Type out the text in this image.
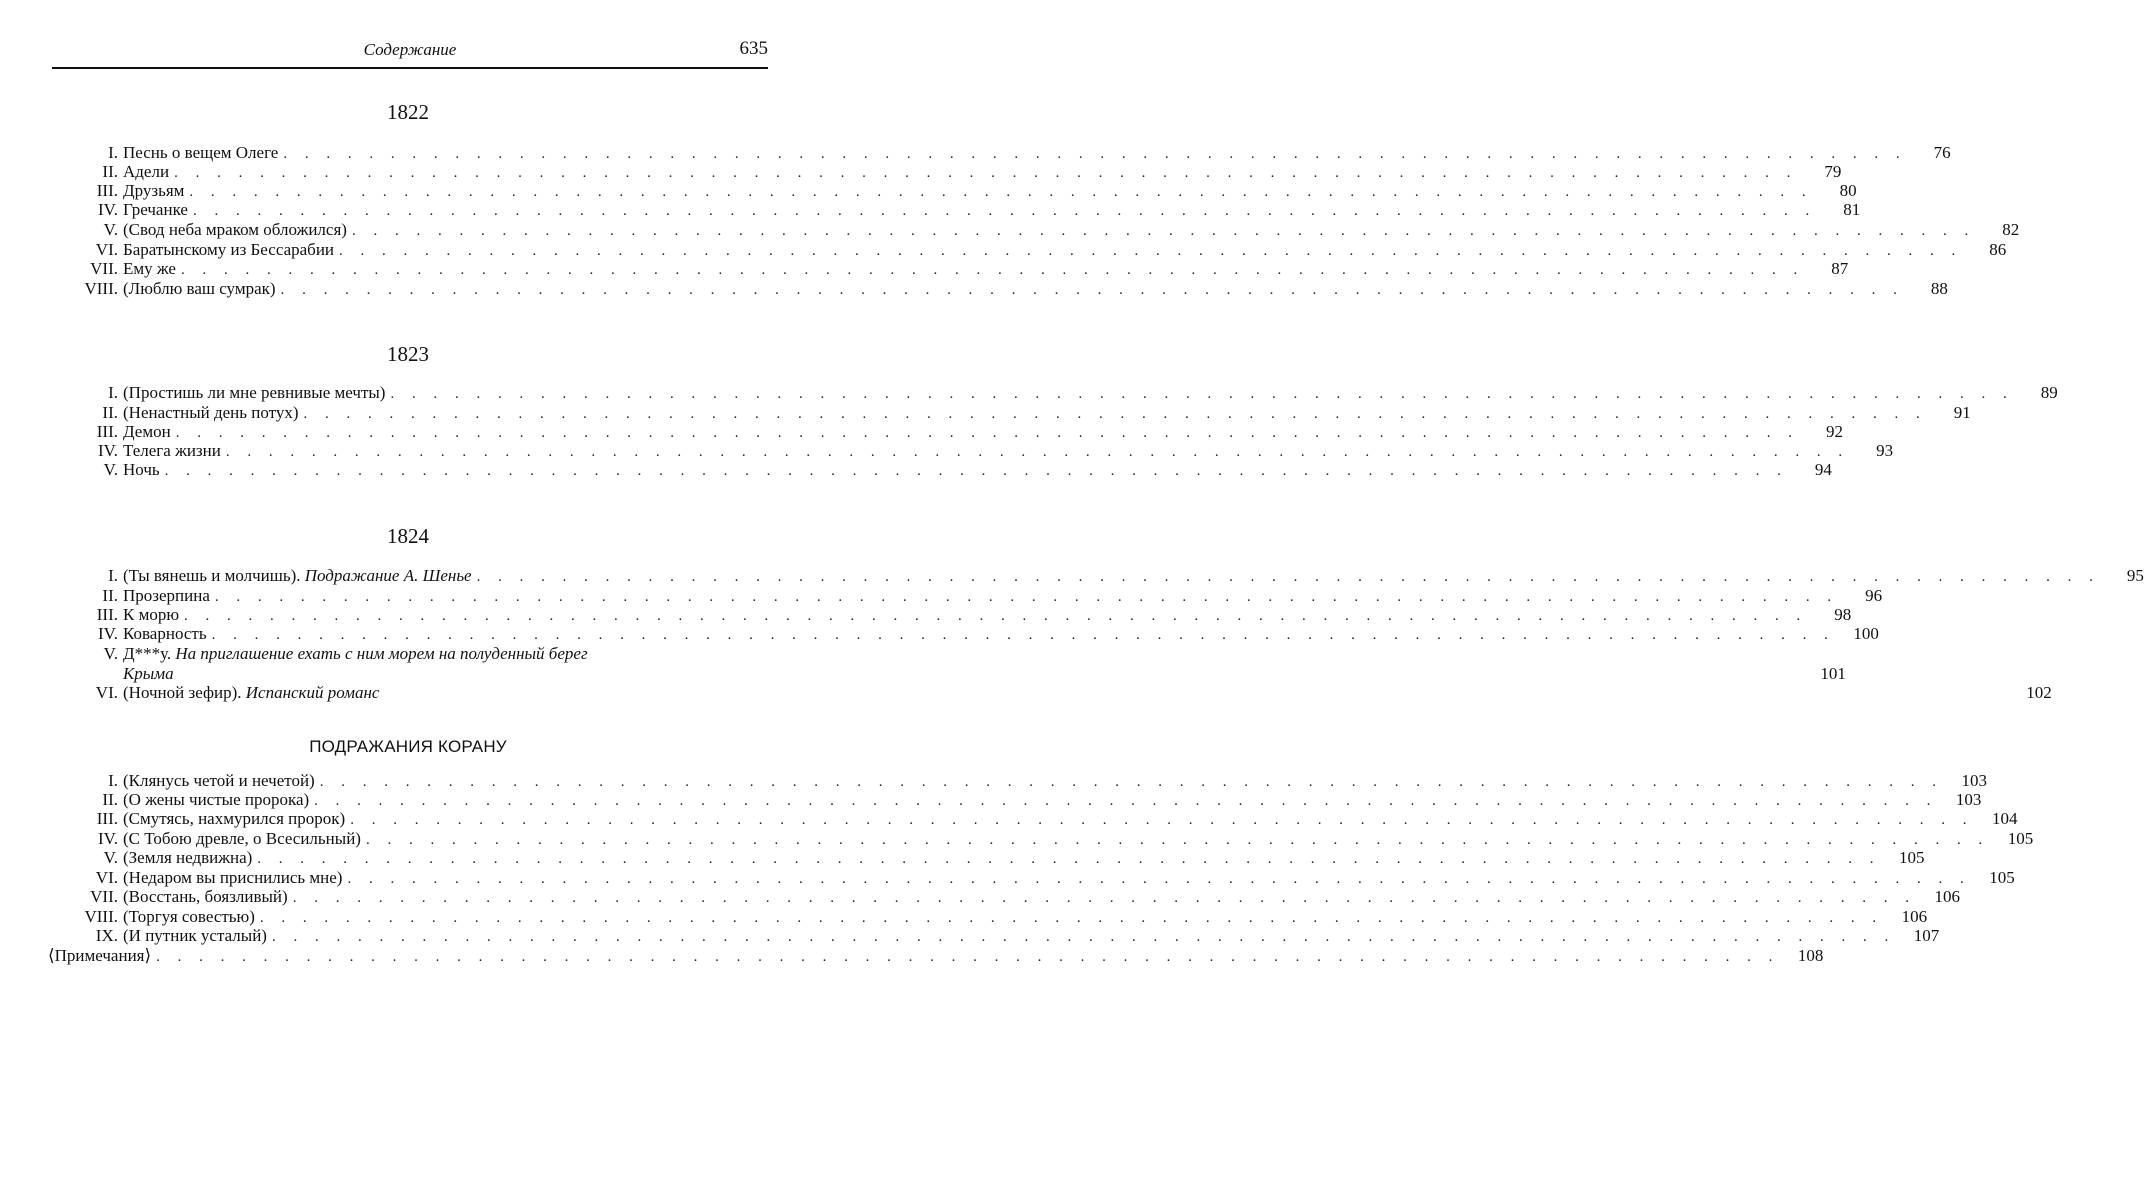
Содержание	635
1822
I. Песнь о вещем Олеге . . . . . . . . . . . . . . . . . . . . . . . . . . . . . . . . . . . . . . . . . . . . . . . . . . . . . . . . . . . . . . . . . . . . . . . . . . . .	76
II. Адели . . . . . . . . . . . . . . . . . . . . . . . . . . . . . . . . . . . . . . . . . . . . . . . . . . . . . . . . . . . . . . . . . . . . . . . . . . . .	79
III. Друзьям . . . . . . . . . . . . . . . . . . . . . . . . . . . . . . . . . . . . . . . . . . . . . . . . . . . . . . . . . . . . . . . . . . . . . . . . . . . .	80
IV. Гречанке . . . . . . . . . . . . . . . . . . . . . . . . . . . . . . . . . . . . . . . . . . . . . . . . . . . . . . . . . . . . . . . . . . . . . . . . . . . .	81
V. (Свод неба мраком обложился) . . . . . . . . . . . . . . . . . . . . . . . . . . . . . . . . . . . . . . . . . . . . . . . . . . . . . . . . . . . . . . . . . . . . . . . . . . . .	82
VI. Баратынскому из Бессарабии . . . . . . . . . . . . . . . . . . . . . . . . . . . . . . . . . . . . . . . . . . . . . . . . . . . . . . . . . . . . . . . . . . . . . . . . . . . .	86
VII. Ему же . . . . . . . . . . . . . . . . . . . . . . . . . . . . . . . . . . . . . . . . . . . . . . . . . . . . . . . . . . . . . . . . . . . . . . . . . . . .	87
VIII. (Люблю ваш сумрак) . . . . . . . . . . . . . . . . . . . . . . . . . . . . . . . . . . . . . . . . . . . . . . . . . . . . . . . . . . . . . . . . . . . . . . . . . . . .	88
1823
I. (Простишь ли мне ревнивые мечты) . . . . . . . . . . . . . . . . . . . . . . . . . . . . . . . . . . . . . . . . . . . . . . . . . . . . . . . . . . . . . . . . . . . . . . . . . . . .	89
II. (Ненастный день потух) . . . . . . . . . . . . . . . . . . . . . . . . . . . . . . . . . . . . . . . . . . . . . . . . . . . . . . . . . . . . . . . . . . . . . . . . . . . .	91
III. Демон . . . . . . . . . . . . . . . . . . . . . . . . . . . . . . . . . . . . . . . . . . . . . . . . . . . . . . . . . . . . . . . . . . . . . . . . . . . .	92
IV. Телега жизни . . . . . . . . . . . . . . . . . . . . . . . . . . . . . . . . . . . . . . . . . . . . . . . . . . . . . . . . . . . . . . . . . . . . . . . . . . . .	93
V. Ночь . . . . . . . . . . . . . . . . . . . . . . . . . . . . . . . . . . . . . . . . . . . . . . . . . . . . . . . . . . . . . . . . . . . . . . . . . . . .	94
1824
I. (Ты вянешь и молчишь). Подражание А. Шенье . . . . . . . . . . . . . . . . . . . . . . . . . . . . . . . . . . . . . . . . . . . . . . . . . . . . . . . . . . . . . . . . . . . . . . . . . . . .	95
II. Прозерпина . . . . . . . . . . . . . . . . . . . . . . . . . . . . . . . . . . . . . . . . . . . . . . . . . . . . . . . . . . . . . . . . . . . . . . . . . . . .	96
III. К морю . . . . . . . . . . . . . . . . . . . . . . . . . . . . . . . . . . . . . . . . . . . . . . . . . . . . . . . . . . . . . . . . . . . . . . . . . . . .	98
IV. Коварность . . . . . . . . . . . . . . . . . . . . . . . . . . . . . . . . . . . . . . . . . . . . . . . . . . . . . . . . . . . . . . . . . . . . . . . . . . . .	100
V. Д***у. На приглашение ехать с ним морем на полуденный берег
Крыма	101
VI. (Ночной зефир). Испанский романс	102
ПОДРАЖАНИЯ КОРАНУ
I. (Клянусь четой и нечетой) . . . . . . . . . . . . . . . . . . . . . . . . . . . . . . . . . . . . . . . . . . . . . . . . . . . . . . . . . . . . . . . . . . . . . . . . . . . .	103
II. (О жены чистые пророка) . . . . . . . . . . . . . . . . . . . . . . . . . . . . . . . . . . . . . . . . . . . . . . . . . . . . . . . . . . . . . . . . . . . . . . . . . . . .	103
III. (Смутясь, нахмурился пророк) . . . . . . . . . . . . . . . . . . . . . . . . . . . . . . . . . . . . . . . . . . . . . . . . . . . . . . . . . . . . . . . . . . . . . . . . . . . .	104
IV. (С Тобою древле, о Всесильный) . . . . . . . . . . . . . . . . . . . . . . . . . . . . . . . . . . . . . . . . . . . . . . . . . . . . . . . . . . . . . . . . . . . . . . . . . . . .	105
V. (Земля недвижна) . . . . . . . . . . . . . . . . . . . . . . . . . . . . . . . . . . . . . . . . . . . . . . . . . . . . . . . . . . . . . . . . . . . . . . . . . . . .	105
VI. (Недаром вы приснились мне) . . . . . . . . . . . . . . . . . . . . . . . . . . . . . . . . . . . . . . . . . . . . . . . . . . . . . . . . . . . . . . . . . . . . . . . . . . . .	105
VII. (Восстань, боязливый) . . . . . . . . . . . . . . . . . . . . . . . . . . . . . . . . . . . . . . . . . . . . . . . . . . . . . . . . . . . . . . . . . . . . . . . . . . . .	106
VIII. (Торгуя совестью) . . . . . . . . . . . . . . . . . . . . . . . . . . . . . . . . . . . . . . . . . . . . . . . . . . . . . . . . . . . . . . . . . . . . . . . . . . . .	106
IX. (И путник усталый) . . . . . . . . . . . . . . . . . . . . . . . . . . . . . . . . . . . . . . . . . . . . . . . . . . . . . . . . . . . . . . . . . . . . . . . . . . . .	107
⟨Примечания⟩ . . . . . . . . . . . . . . . . . . . . . . . . . . . . . . . . . . . . . . . . . . . . . . . . . . . . . . . . . . . . . . . . . . . . . . . . . . . .	108
